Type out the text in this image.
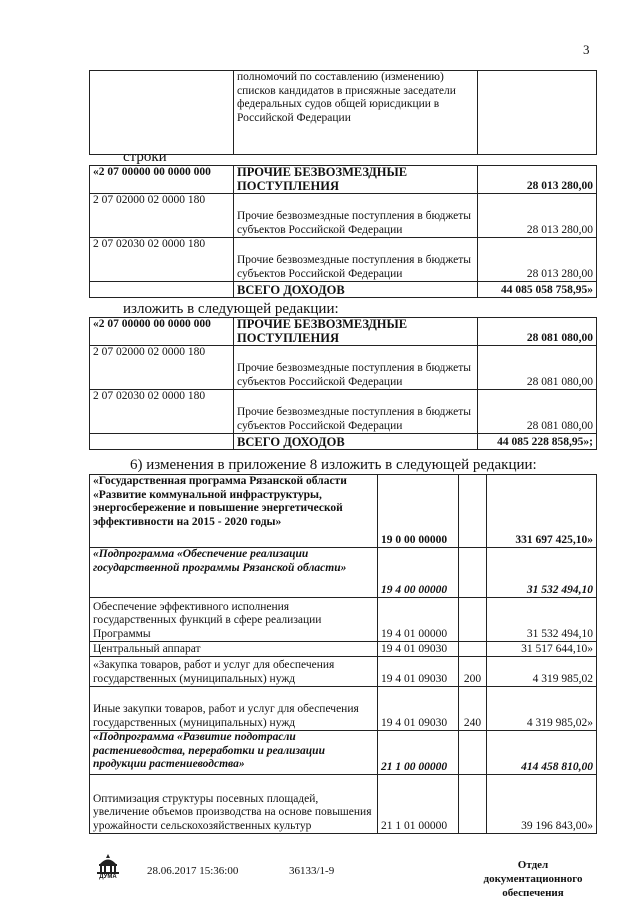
3
	полномочий по составлению (изменению) списков кандидатов в присяжные заседатели федеральных судов общей юрисдикции в Российской Федерации	
строки
«2 07 00000 00 0000 000	ПРОЧИЕ БЕЗВОЗМЕЗДНЫЕ ПОСТУПЛЕНИЯ	28 013 280,00
2 07 02000 02 0000 180	Прочие безвозмездные поступления в бюджеты субъектов Российской Федерации	28 013 280,00
2 07 02030 02 0000 180	Прочие безвозмездные поступления в бюджеты субъектов Российской Федерации	28 013 280,00
	ВСЕГО ДОХОДОВ	44 085 058 758,95»
изложить в следующей редакции:
«2 07 00000 00 0000 000	ПРОЧИЕ БЕЗВОЗМЕЗДНЫЕ ПОСТУПЛЕНИЯ	28 081 080,00
2 07 02000 02 0000 180	Прочие безвозмездные поступления в бюджеты субъектов Российской Федерации	28 081 080,00
2 07 02030 02 0000 180	Прочие безвозмездные поступления в бюджеты субъектов Российской Федерации	28 081 080,00
	ВСЕГО ДОХОДОВ	44 085 228 858,95»;
6) изменения в приложение 8 изложить в следующей редакции:
«Государственная программа Рязанской области «Развитие коммунальной инфраструктуры, энергосбережение и повышение энергетической эффективности на 2015 - 2020 годы»	19 0 00 00000		331 697 425,10»
«Подпрограмма «Обеспечение реализации государственной программы Рязанской области»	19 4 00 00000		31 532 494,10
Обеспечение эффективного исполнения государственных функций в сфере реализации Программы	19 4 01 00000		31 532 494,10
Центральный аппарат	19 4 01 09030		31 517 644,10»
«Закупка товаров, работ и услуг для обеспечения государственных (муниципальных) нужд	19 4 01 09030	200	4 319 985,02
Иные закупки товаров, работ и услуг для обеспечения государственных (муниципальных) нужд	19 4 01 09030	240	4 319 985,02»
«Подпрограмма «Развитие подотрасли растениеводства, переработки и реализации продукции растениеводства»	21 1 00 00000		414 458 810,00
Оптимизация структуры посевных площадей, увеличение объемов производства на основе повышения урожайности сельскохозяйственных культур	21 1 01 00000		39 196 843,00»
ДУМА	28.06.2017 15:36:00	36133/1-9	Отдел документационного обеспечения
